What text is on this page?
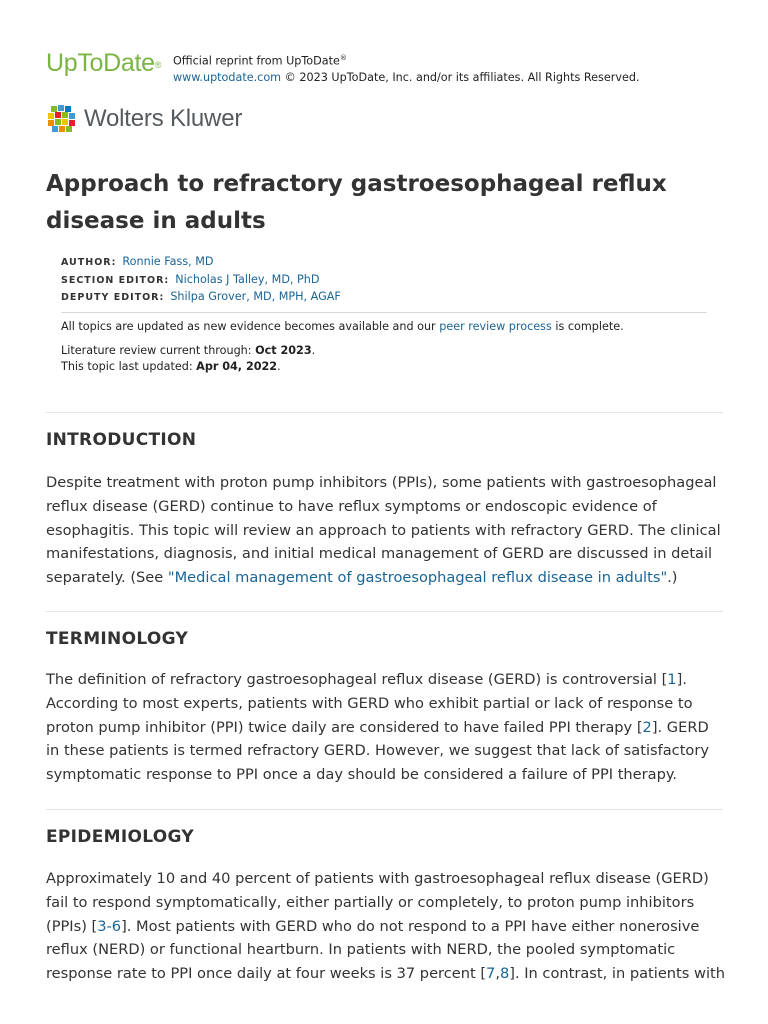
UpToDate® Official reprint from UpToDate®
www.uptodate.com © 2023 UpToDate, Inc. and/or its affiliates. All Rights Reserved.
Wolters Kluwer
Approach to refractory gastroesophageal reflux disease in adults
AUTHOR: Ronnie Fass, MD
SECTION EDITOR: Nicholas J Talley, MD, PhD
DEPUTY EDITOR: Shilpa Grover, MD, MPH, AGAF
All topics are updated as new evidence becomes available and our peer review process is complete.
Literature review current through: Oct 2023.
This topic last updated: Apr 04, 2022.
INTRODUCTION

Despite treatment with proton pump inhibitors (PPIs), some patients with gastroesophageal reflux disease (GERD) continue to have reflux symptoms or endoscopic evidence of esophagitis. This topic will review an approach to patients with refractory GERD. The clinical manifestations, diagnosis, and initial medical management of GERD are discussed in detail separately. (See "Medical management of gastroesophageal reflux disease in adults".)

TERMINOLOGY

The definition of refractory gastroesophageal reflux disease (GERD) is controversial [1]. According to most experts, patients with GERD who exhibit partial or lack of response to proton pump inhibitor (PPI) twice daily are considered to have failed PPI therapy [2]. GERD in these patients is termed refractory GERD. However, we suggest that lack of satisfactory symptomatic response to PPI once a day should be considered a failure of PPI therapy.

EPIDEMIOLOGY

Approximately 10 and 40 percent of patients with gastroesophageal reflux disease (GERD) fail to respond symptomatically, either partially or completely, to proton pump inhibitors (PPIs) [3-6]. Most patients with GERD who do not respond to a PPI have either nonerosive reflux (NERD) or functional heartburn. In patients with NERD, the pooled symptomatic response rate to PPI once daily at four weeks is 37 percent [7,8]. In contrast, in patients with
